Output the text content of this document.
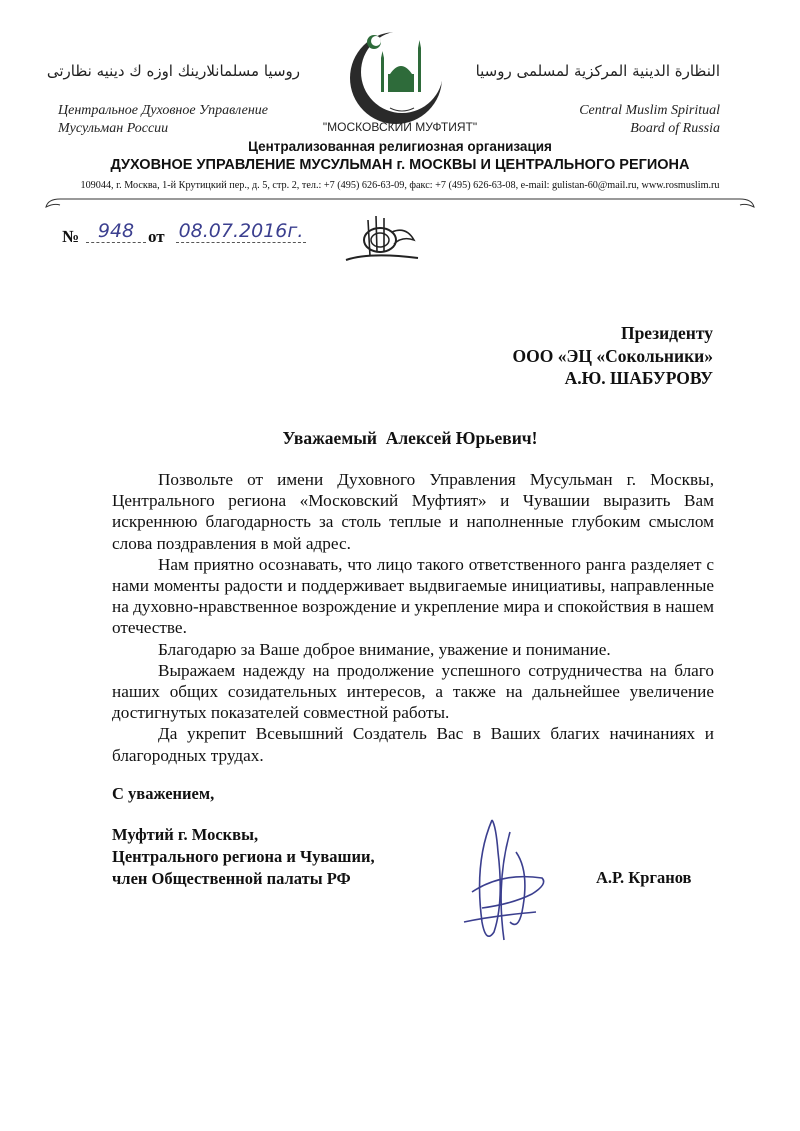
روسيا مسلمانلارينك اوزه ك دينيه نظارتی	النظارة الدينية المركزية لمسلمى روسيا
Центральное Духовное Управление
Мусульман России
Central Muslim Spiritual
Board of Russia
"МОСКОВСКИЙ МУФТИЯТ"
Централизованная религиозная организация
ДУХОВНОЕ УПРАВЛЕНИЕ МУСУЛЬМАН г. МОСКВЫ И ЦЕНТРАЛЬНОГО РЕГИОНА
109044, г. Москва, 1-й Крутицкий пер., д. 5, стр. 2, тел.: +7 (495) 626-63-09, факс: +7 (495) 626-63-08, e-mail: gulistan-60@mail.ru, www.rosmuslim.ru
№ 948 от 08.07.2016г.
Президенту
ООО «ЭЦ «Сокольники»
А.Ю. ШАБУРОВУ
Уважаемый  Алексей Юрьевич!

Позвольте от имени Духовного Управления Мусульман г. Москвы, Центрального региона «Московский Муфтият» и Чувашии выразить Вам искреннюю благодарность за столь теплые и наполненные глубоким смыслом слова поздравления в мой адрес.

Нам приятно осознавать, что лицо такого ответственного ранга разделяет с нами моменты радости и поддерживает выдвигаемые инициативы, направленные на духовно-нравственное возрождение и укрепление мира и спокойствия в нашем отечестве.

Благодарю за Ваше доброе внимание, уважение и понимание.

Выражаем надежду на продолжение успешного сотрудничества на благо наших общих созидательных интересов, а также на дальнейшее увеличение достигнутых показателей совместной работы.

Да укрепит Всевышний Создатель Вас в Ваших благих начинаниях и благородных трудах.

С уважением,
Муфтий г. Москвы,
Центрального региона и Чувашии,
член Общественной палаты РФ	А.Р. Крганов
